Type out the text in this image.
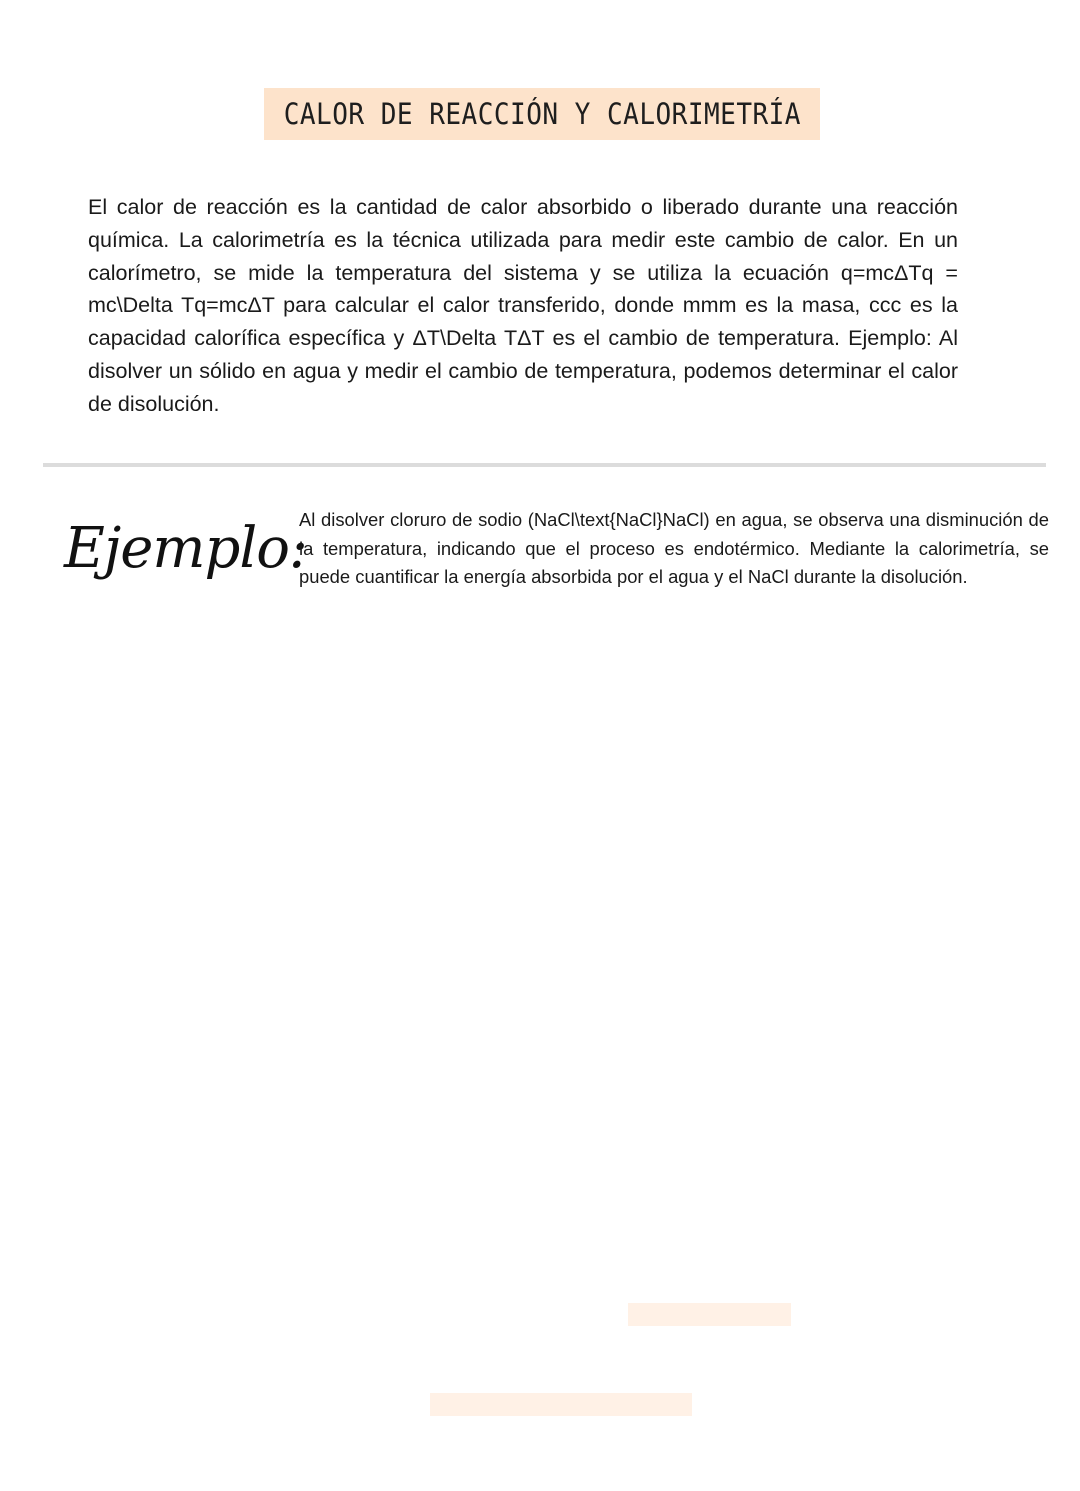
CALOR DE REACCIÓN Y CALORIMETRÍA

El calor de reacción es la cantidad de calor absorbido o liberado durante una reacción química. La calorimetría es la técnica utilizada para medir este cambio de calor. En un calorímetro, se mide la temperatura del sistema y se utiliza la ecuación q=mcΔTq = mc\Delta Tq=mcΔT para calcular el calor transferido, donde mmm es la masa, ccc es la capacidad calorífica específica y ΔT\Delta TΔT es el cambio de temperatura. Ejemplo: Al disolver un sólido en agua y medir el cambio de temperatura, podemos determinar el calor de disolución.

Ejemplo:

Al disolver cloruro de sodio (NaCl\text{NaCl}NaCl) en agua, se observa una disminución de la temperatura, indicando que el proceso es endotérmico. Mediante la calorimetría, se puede cuantificar la energía absorbida por el agua y el NaCl durante la disolución.
